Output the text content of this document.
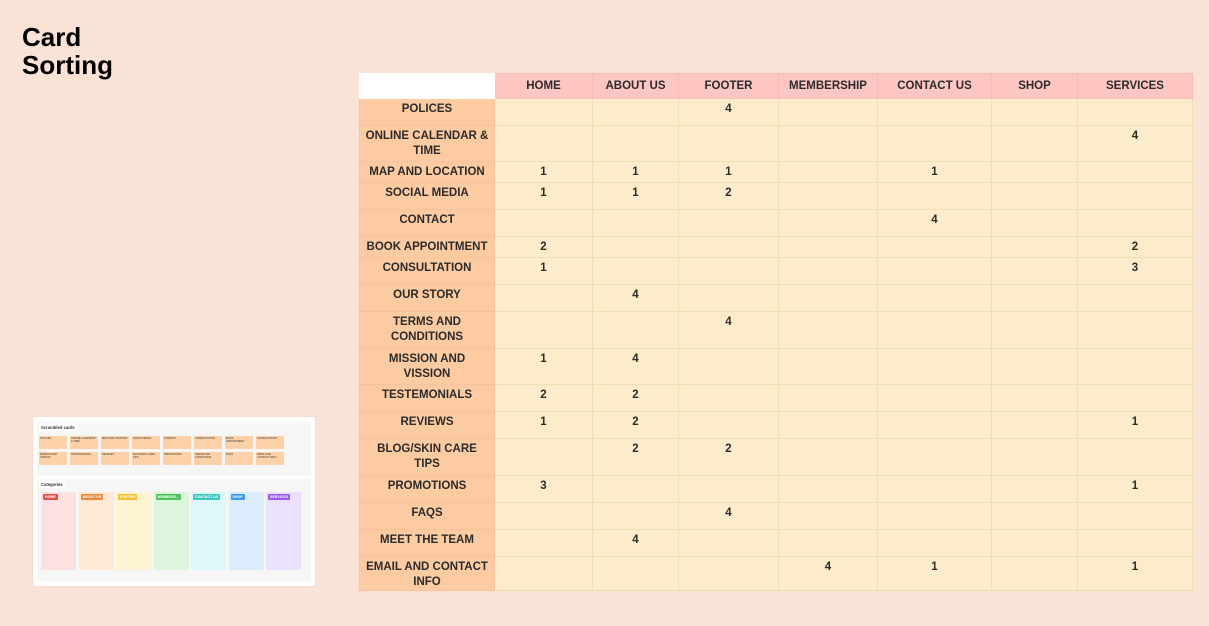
Card
Sorting
Scrambled cards
POLICES	ONLINE CALENDAR & TIME
MAP AND LOCATION	SOCIAL MEDIA	CONTACT	CONSULTATION	BOOK APPOINTMENT
CONSULTATION
MISSION AND VISSION
TESTEMONIALS	REVIEWS	BLOG/SKIN CARE TIPS
PROMOTIONS	TERMS AND CONDITIONS
FAQS	EMAIL AND CONTACT INFO
Categories
HOME	ABOUT US	FOOTER	MEMBERS...	CONTACT US	SHOP	SERVICES
	HOME	ABOUT US	FOOTER	MEMBERSHIP	CONTACT US	SHOP	SERVICES
POLICES			4				
ONLINE CALENDAR & TIME							4
MAP AND LOCATION	1	1	1		1		
SOCIAL MEDIA	1	1	2				
CONTACT					4		
BOOK APPOINTMENT	2						2
CONSULTATION	1						3
OUR STORY		4					
TERMS AND CONDITIONS			4				
MISSION AND VISSION	1	4					
TESTEMONIALS	2	2					
REVIEWS	1	2					1
BLOG/SKIN CARE TIPS		2	2				
PROMOTIONS	3						1
FAQS			4				
MEET THE TEAM		4					
EMAIL AND CONTACT INFO				4	1		1
